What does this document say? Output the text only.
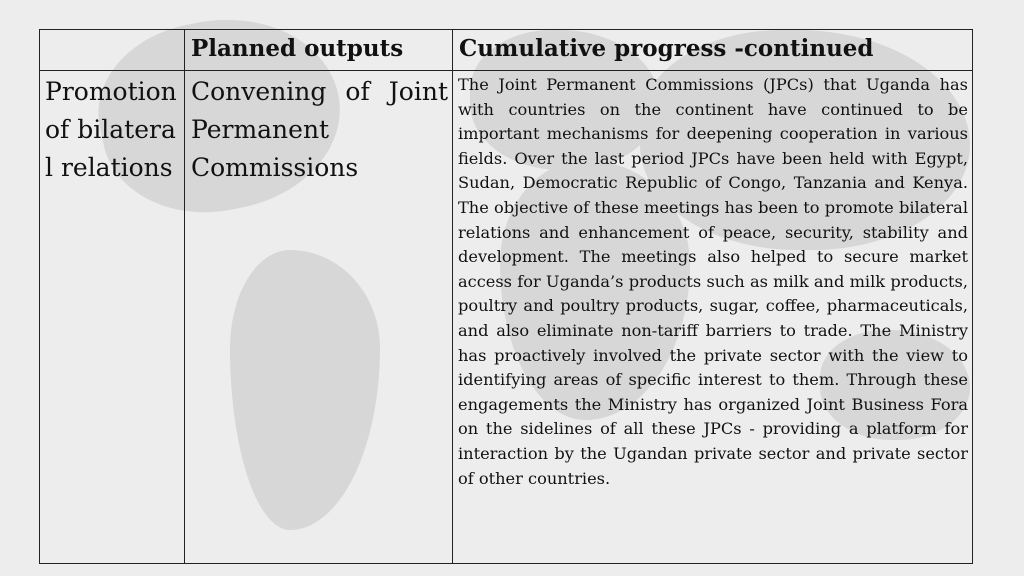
	Planned outputs	Cumulative progress -continued
Promotion of bilateral relations	Convening of Joint Permanent Commissions	The Joint Permanent Commissions (JPCs) that Uganda has with countries on the continent have continued to be important mechanisms for deepening cooperation in various fields. Over the last period JPCs have been held with Egypt, Sudan, Democratic Republic of Congo, Tanzania and Kenya. The objective of these meetings has been to promote bilateral relations and enhancement of peace, security, stability and development. The meetings also helped to secure market access for Uganda’s products such as milk and milk products, poultry and poultry products, sugar, coffee, pharmaceuticals, and also eliminate non-tariff barriers to trade. The Ministry has proactively involved the private sector with the view to identifying areas of specific interest to them. Through these engagements the Ministry has organized Joint Business Fora on the sidelines of all these JPCs - providing a platform for interaction by the Ugandan private sector and private sector of other countries.
